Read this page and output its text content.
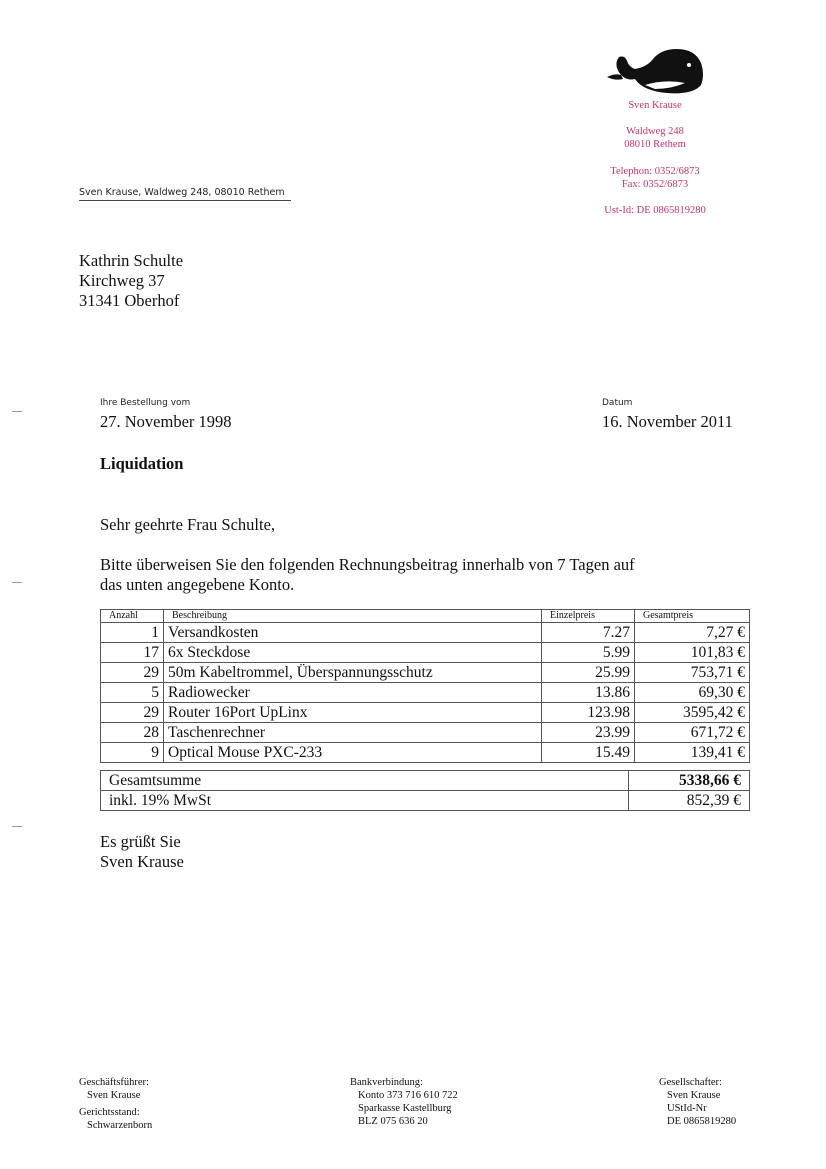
Sven Krause
Waldweg 248
08010 Rethem
Telephon: 0352/6873
Fax: 0352/6873
Ust-Id: DE 0865819280
Sven Krause, Waldweg 248, 08010 Rethem
Kathrin Schulte
Kirchweg 37
31341 Oberhof
Ihre Bestellung vom
27. November 1998
Datum
16. November 2011
Liquidation
Sehr geehrte Frau Schulte,
Bitte überweisen Sie den folgenden Rechnungsbeitrag innerhalb von 7 Tagen auf
das unten angegebene Konto.
Anzahl	Beschreibung	Einzelpreis	Gesamtpreis
1	Versandkosten	7.27	7,27 €
17	6x Steckdose	5.99	101,83 €
29	50m Kabeltrommel, Überspannungsschutz	25.99	753,71 €
5	Radiowecker	13.86	69,30 €
29	Router 16Port UpLinx	123.98	3595,42 €
28	Taschenrechner	23.99	671,72 €
9	Optical Mouse PXC-233	15.49	139,41 €
Gesamtsumme	5338,66 €
inkl. 19% MwSt	852,39 €
Es grüßt Sie
Sven Krause
Geschäftsführer:
Sven Krause
Gerichtsstand:
Schwarzenborn
Bankverbindung:
Konto 373 716 610 722
Sparkasse Kastellburg
BLZ 075 636 20
Gesellschafter:
Sven Krause
UStId-Nr
DE 0865819280
